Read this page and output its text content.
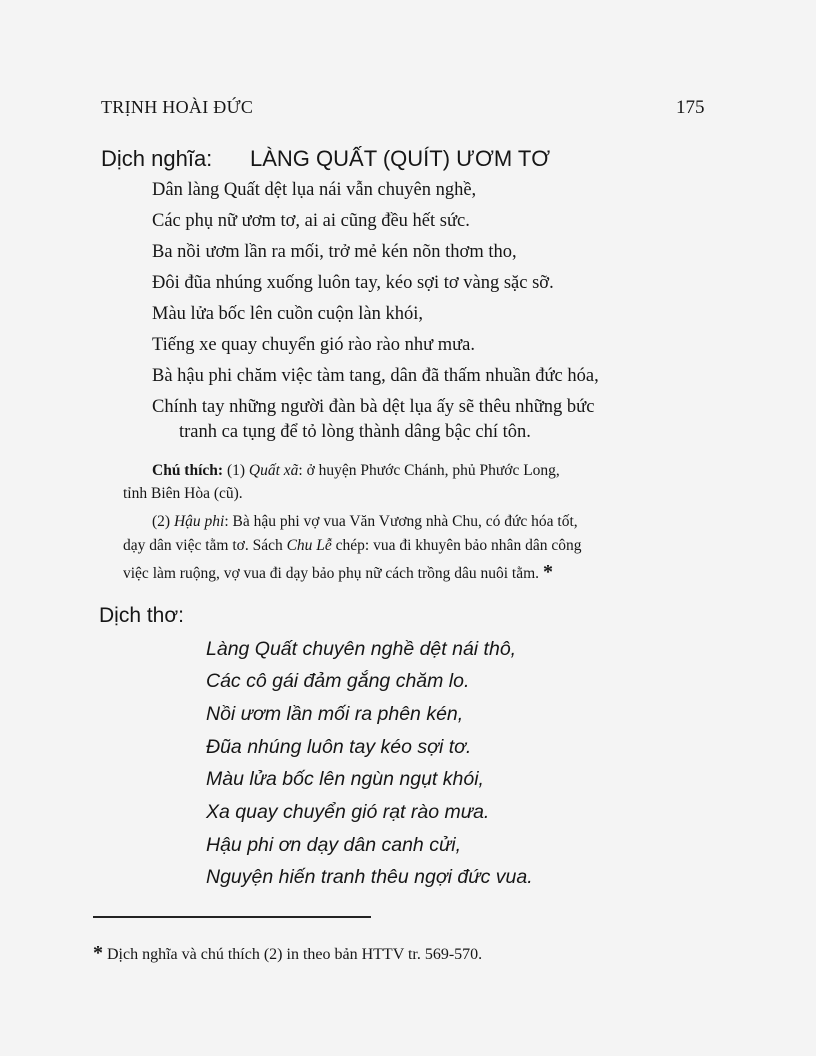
TRỊNH HOÀI ĐỨC	175
Dịch nghĩa: LÀNG QUẤT (QUÍT) ƯƠM TƠ
Dân làng Quất dệt lụa nái vẫn chuyên nghề,
Các phụ nữ ươm tơ, ai ai cũng đều hết sức.
Ba nồi ươm lần ra mối, trở mẻ kén nõn thơm tho,
Đôi đũa nhúng xuống luôn tay, kéo sợi tơ vàng sặc sỡ.
Màu lửa bốc lên cuồn cuộn làn khói,
Tiếng xe quay chuyển gió rào rào như mưa.
Bà hậu phi chăm việc tàm tang, dân đã thấm nhuần đức hóa,
Chính tay những người đàn bà dệt lụa ấy sẽ thêu những bức
tranh ca tụng để tỏ lòng thành dâng bậc chí tôn.
Chú thích: (1) Quất xã: ở huyện Phước Chánh, phủ Phước Long,
tỉnh Biên Hòa (cũ).
(2) Hậu phi: Bà hậu phi vợ vua Văn Vương nhà Chu, có đức hóa tốt,
dạy dân việc tằm tơ. Sách Chu Lễ chép: vua đi khuyên bảo nhân dân công
việc làm ruộng, vợ vua đi dạy bảo phụ nữ cách trồng dâu nuôi tằm. *
Dịch thơ:
Làng Quất chuyên nghề dệt nái thô,
Các cô gái đảm gắng chăm lo.
Nồi ươm lần mối ra phên kén,
Đũa nhúng luôn tay kéo sợi tơ.
Màu lửa bốc lên ngùn ngụt khói,
Xa quay chuyển gió rạt rào mưa.
Hậu phi ơn dạy dân canh cửi,
Nguyện hiến tranh thêu ngợi đức vua.
* Dịch nghĩa và chú thích (2) in theo bản HTTV tr. 569-570.
